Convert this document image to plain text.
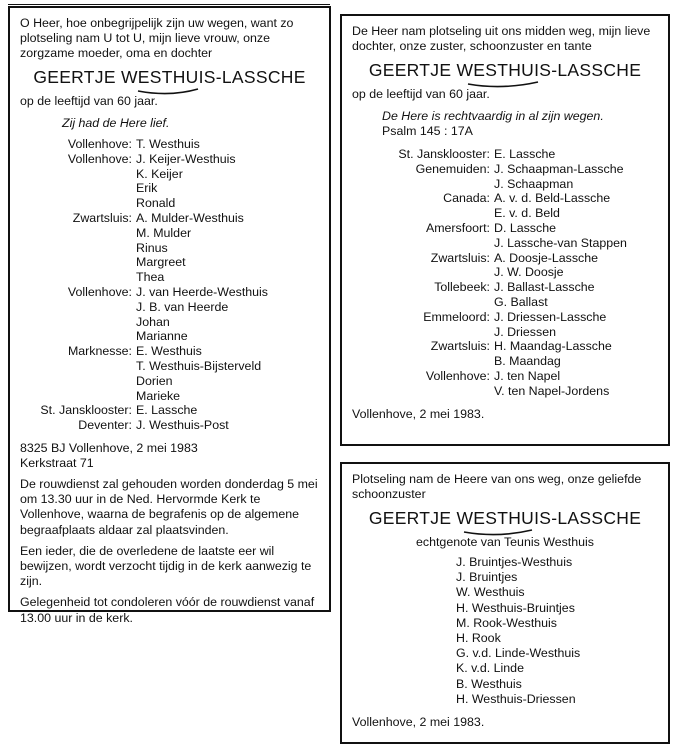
O Heer, hoe onbegrijpelijk zijn uw wegen, want zo plotseling nam U tot U, mijn lieve vrouw, onze zorgzame moeder, oma en dochter
GEERTJE WESTHUIS-LASSCHE
op de leeftijd van 60 jaar.
Zij had de Here lief.
Vollenhove: T. Westhuis
Vollenhove: J. Keijer-Westhuis
K. Keijer
Erik
Ronald
Zwartsluis: A. Mulder-Westhuis
M. Mulder
Rinus
Margreet
Thea
Vollenhove: J. van Heerde-Westhuis
J. B. van Heerde
Johan
Marianne
Marknesse: E. Westhuis
T. Westhuis-Bijsterveld
Dorien
Marieke
St. Jansklooster: E. Lassche
Deventer: J. Westhuis-Post
8325 BJ Vollenhove, 2 mei 1983
Kerkstraat 71
De rouwdienst zal gehouden worden donderdag 5 mei om 13.30 uur in de Ned. Hervormde Kerk te Vollenhove, waarna de begrafenis op de algemene begraafplaats aldaar zal plaatsvinden.
Een ieder, die de overledene de laatste eer wil bewijzen, wordt verzocht tijdig in de kerk aanwezig te zijn.
Gelegenheid tot condoleren vóór de rouwdienst vanaf 13.00 uur in de kerk.
De Heer nam plotseling uit ons midden weg, mijn lieve dochter, onze zuster, schoonzuster en tante
GEERTJE WESTHUIS-LASSCHE
op de leeftijd van 60 jaar.
De Here is rechtvaardig in al zijn wegen.
Psalm 145 : 17A
St. Jansklooster: E. Lassche
Genemuiden: J. Schaapman-Lassche
J. Schaapman
Canada: A. v. d. Beld-Lassche
E. v. d. Beld
Amersfoort: D. Lassche
J. Lassche-van Stappen
Zwartsluis: A. Doosje-Lassche
J. W. Doosje
Tollebeek: J. Ballast-Lassche
G. Ballast
Emmeloord: J. Driessen-Lassche
J. Driessen
Zwartsluis: H. Maandag-Lassche
B. Maandag
Vollenhove: J. ten Napel
V. ten Napel-Jordens
Vollenhove, 2 mei 1983.
Plotseling nam de Heere van ons weg, onze geliefde schoonzuster
GEERTJE WESTHUIS-LASSCHE
echtgenote van Teunis Westhuis
J. Bruintjes-Westhuis
J. Bruintjes
W. Westhuis
H. Westhuis-Bruintjes
M. Rook-Westhuis
H. Rook
G. v.d. Linde-Westhuis
K. v.d. Linde
B. Westhuis
H. Westhuis-Driessen
Vollenhove, 2 mei 1983.
